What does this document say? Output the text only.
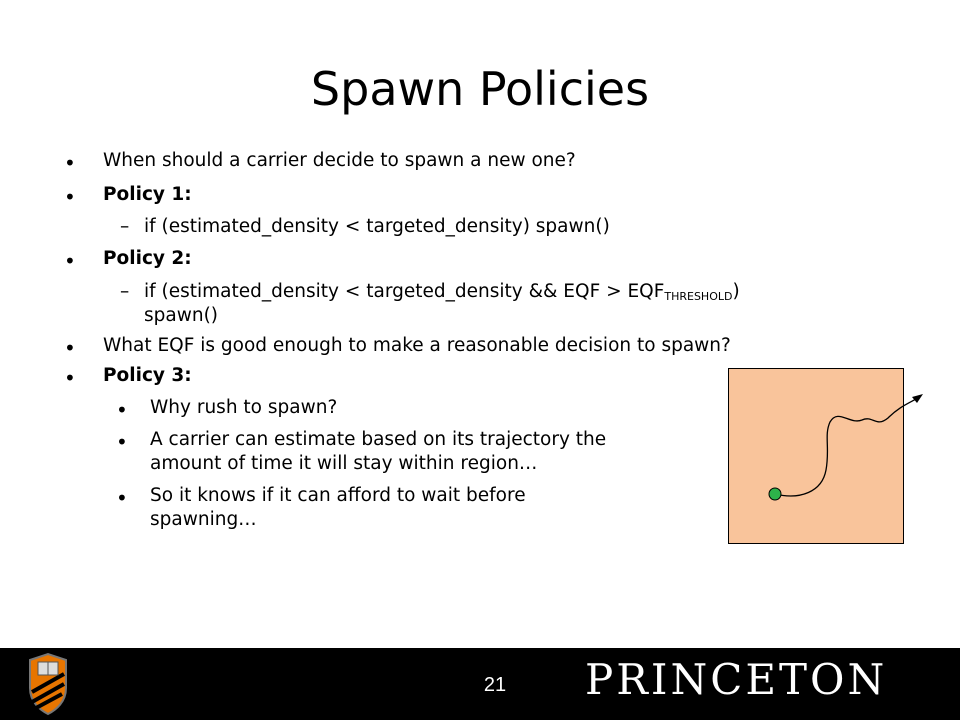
Spawn Policies
• When should a carrier decide to spawn a new one?
• Policy 1:
– if (estimated_density < targeted_density) spawn()
• Policy 2:
– if (estimated_density < targeted_density && EQF > $EQF_{THRESHOLD}$)
spawn()
• What EQF is good enough to make a reasonable decision to spawn?
• Policy 3:
• Why rush to spawn?
• A carrier can estimate based on its trajectory the
amount of time it will stay within region…
• So it knows if it can afford to wait before
spawning…
21	PRINCETON
